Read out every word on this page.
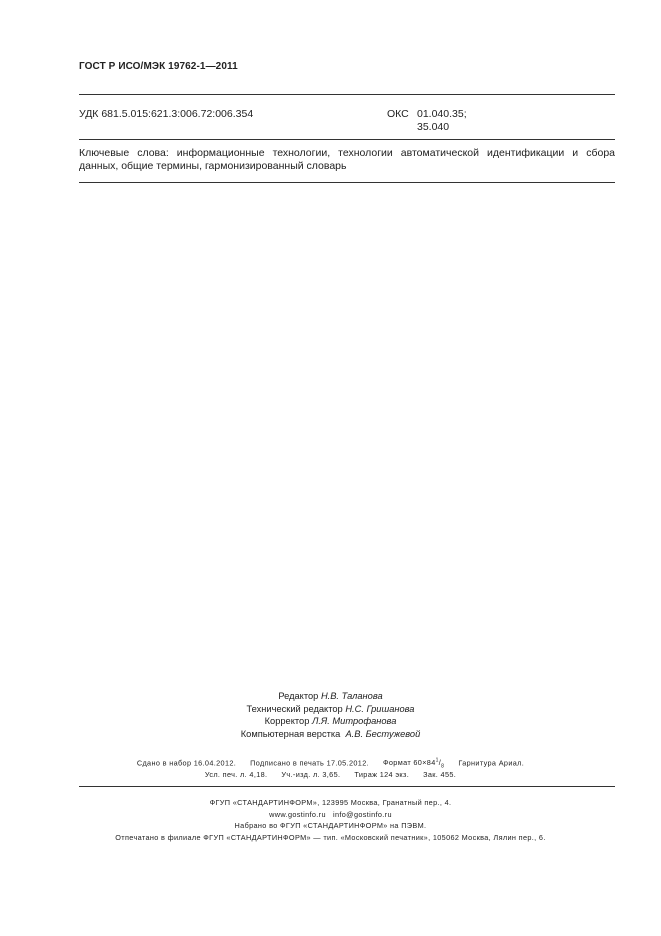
ГОСТ Р ИСО/МЭК 19762-1—2011
УДК 681.5.015:621.3:006.72:006.354	ОКС 01.040.35;
35.040
Ключевые слова: информационные технологии, технологии автоматической идентификации и сбора данных, общие термины, гармонизированный словарь
Редактор Н.В. Таланова
Технический редактор Н.С. Гришанова
Корректор Л.Я. Митрофанова
Компьютерная верстка А.В. Бестужевой
Сдано в набор 16.04.2012. Подписано в печать 17.05.2012. Формат $60\times 84^1/_8$ Гарнитура Ариал.
Усл. печ. л. 4,18. Уч.-изд. л. 3,65. Тираж 124 экз. Зак. 455.
ФГУП «СТАНДАРТИНФОРМ», 123995 Москва, Гранатный пер., 4.
www.gostinfo.ru info@gostinfo.ru
Набрано во ФГУП «СТАНДАРТИНФОРМ» на ПЭВМ.
Отпечатано в филиале ФГУП «СТАНДАРТИНФОРМ» — тип. «Московский печатник», 105062 Москва, Лялин пер., 6.
